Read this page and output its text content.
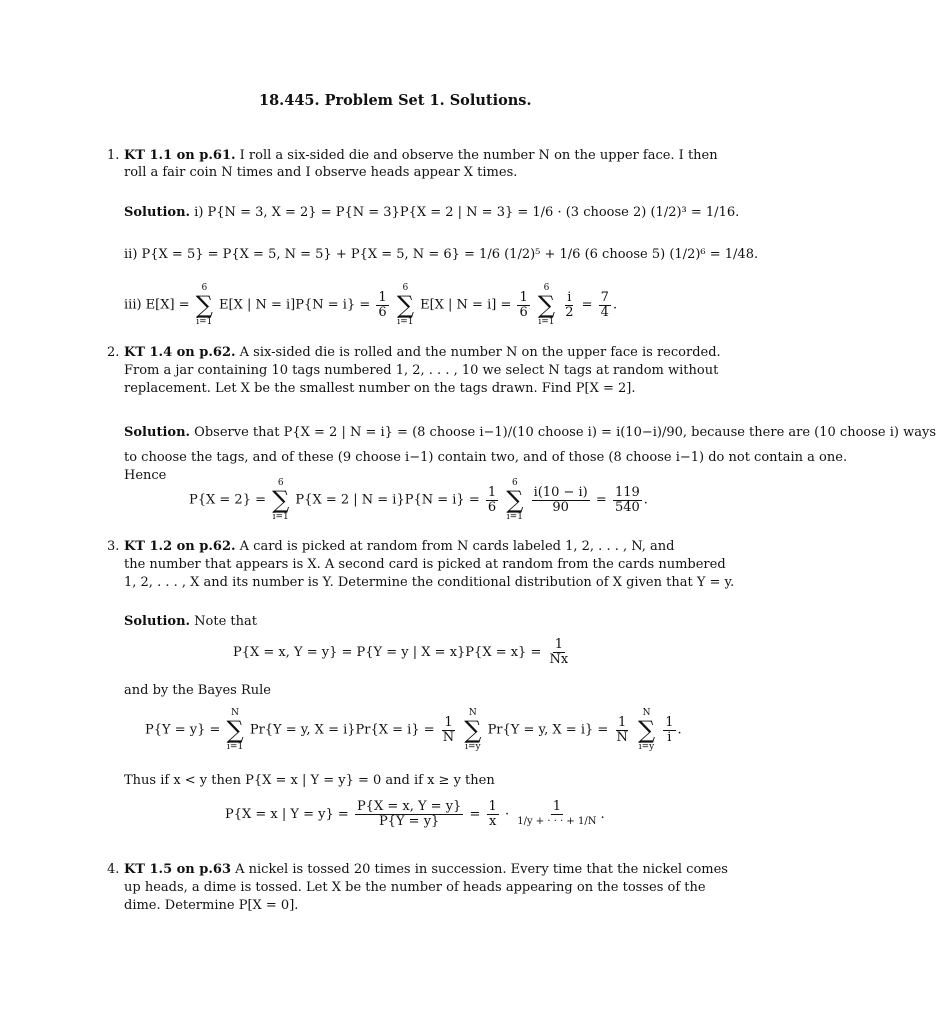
18.445. Problem Set 1. Solutions.
1. KT 1.1 on p.61. I roll a six-sided die and observe the number N on the upper face. I then
roll a fair coin N times and I observe heads appear X times.
Solution. i) P{N = 3, X = 2} = P{N = 3}P{X = 2 | N = 3} = 1/6 · (3 choose 2) (1/2)³ = 1/16.
ii) P{X = 5} = P{X = 5, N = 5} + P{X = 5, N = 6} = 1/6 (1/2)⁵ + 1/6 (6 choose 5) (1/2)⁶ = 1/48.
iii) E[X] =
6
∑
i=1
E[X | $N = i]P\{N = i\} = \frac{1}{6}$

6
∑
i=1
E[X | $N = i] = \frac{1}{6}$

6
∑
i=1

$\frac{i}{2} = \frac{7}{4}$ .
2. KT 1.4 on p.62. A six-sided die is rolled and the number N on the upper face is recorded.
From a jar containing 10 tags numbered 1, 2, . . . , 10 we select N tags at random without
replacement. Let X be the smallest number on the tags drawn. Find P[X = 2].
Solution. Observe that P{X = 2 | N = i} = (8 choose i−1)/(10 choose i) = i(10−i)/90, because there are (10 choose i) ways
to choose the tags, and of these (9 choose i−1) contain two, and of those (8 choose i−1) do not contain a one.
Hence
P{X = 2} =
6
∑
i=1
P{X = 2 | $N = i\}P\{N = i\} = \frac{1}{6}$

6
∑
i=1

$\frac{i(10 - i)}{90} = \frac{119}{540}$ .
3. KT 1.2 on p.62. A card is picked at random from N cards labeled 1, 2, . . . , N, and
the number that appears is X. A second card is picked at random from the cards numbered
1, 2, . . . , X and its number is Y. Determine the conditional distribution of X given that Y = y.
Solution. Note that
P{X = x, Y = y} = P{Y = y | $X = x\}P\{X = x\} = \frac{1}{Nx}$
and by the Bayes Rule
P{Y = y} =
N
∑
i=1
Pr{Y = y, $X = i\}Pr\{X = i\} = \frac{1}{N}$

N
∑
i=y
Pr{Y = y, $X = i\} = \frac{1}{N}$

N
∑
i=y

$\frac{1}{i}$ .
Thus if x < y then P{X = x | Y = y} = 0 and if x ≥ y then
P{X = x | $Y = y\} = \frac{P\{X = x, Y = y\}}{P\{Y = y\}} = \frac{1}{x} \cdot \frac{1}{1/y + \cdot \cdot \cdot + 1/N}$ .
4. KT 1.5 on p.63 A nickel is tossed 20 times in succession. Every time that the nickel comes
up heads, a dime is tossed. Let X be the number of heads appearing on the tosses of the
dime. Determine P[X = 0].
